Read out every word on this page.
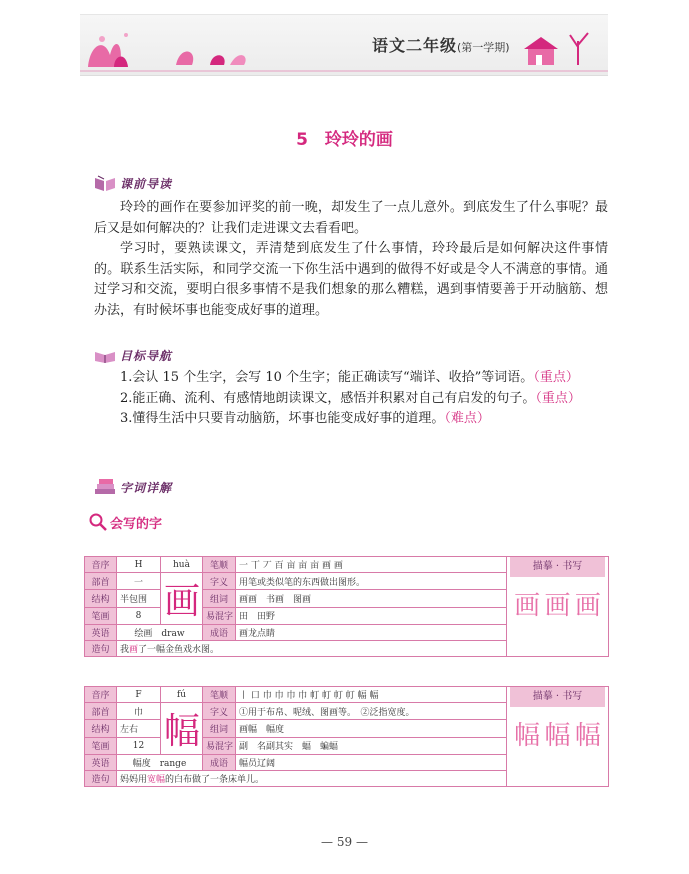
语文二年级(第一学期)
5　玲玲的画
课前导读

玲玲的画作在要参加评奖的前一晚，却发生了一点儿意外。到底发生了什么事呢？最后又是如何解决的？让我们走进课文去看看吧。

学习时，要熟读课文，弄清楚到底发生了什么事情，玲玲最后是如何解决这件事情的。联系生活实际，和同学交流一下你生活中遇到的做得不好或是令人不满意的事情。通过学习和交流，要明白很多事情不是我们想象的那么糟糕，遇到事情要善于开动脑筋、想办法，有时候坏事也能变成好事的道理。

目标导航

1.会认 15 个生字，会写 10 个生字；能正确读写“端详、收拾”等词语。（重点）

2.能正确、流利、有感情地朗读课文，感悟并积累对自己有启发的句子。（重点）

3.懂得生活中只要肯动脑筋，坏事也能变成好事的道理。（难点）

字词详解
会写的字
音序	H	huà	笔顺	一 丅 丆 百 亩 亩 亩 画 画	描摹 · 书写
画 画 画

部首	一	画	字义	用笔或类似笔的东西做出图形。	
结构	半包围		组词	画画　书画　图画	
笔画	8		易混字	田　田野	
英语	绘画　draw		成语	画龙点睛	
造句	我画了一幅金鱼戏水图。				
音序	F	fú	笔顺	丨 口 巾 巾 巾 巾 帄 帄 帄 帄 幅 幅	描摹 · 书写
幅 幅 幅

部首	巾	幅	字义	①用于布帛、呢绒、图画等。　②泛指宽度。	
结构	左右		组词	画幅　幅度	
笔画	12		易混字	副　名副其实　蝠　蝙蝠	
英语	幅度　range		成语	幅员辽阔	
造句	妈妈用宽幅的白布做了一条床单儿。				
— 59 —
